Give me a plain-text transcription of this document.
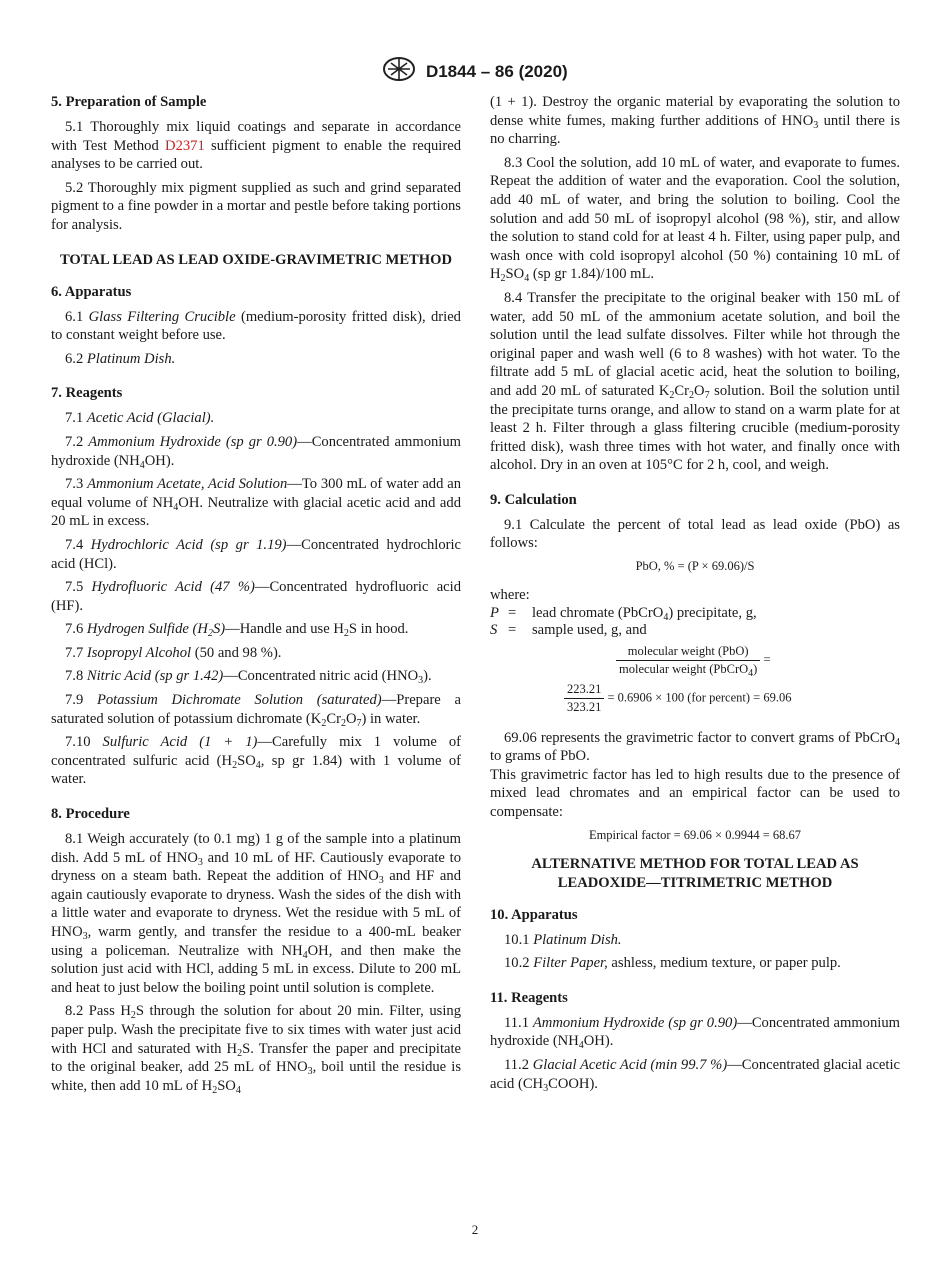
D1844 – 86 (2020)
5. Preparation of Sample

5.1 Thoroughly mix liquid coatings and separate in accordance with Test Method D2371 sufficient pigment to enable the required analyses to be carried out.

5.2 Thoroughly mix pigment supplied as such and grind separated pigment to a fine powder in a mortar and pestle before taking portions for analysis.

TOTAL LEAD AS LEAD OXIDE-GRAVIMETRIC METHOD
6. Apparatus

6.1 Glass Filtering Crucible (medium-porosity fritted disk), dried to constant weight before use.

6.2 Platinum Dish.

7. Reagents

7.1 Acetic Acid (Glacial).

7.2 Ammonium Hydroxide (sp gr 0.90)—Concentrated ammonium hydroxide $(NH_4OH)$.

7.3 Ammonium Acetate, Acid Solution—To 300 mL of water add an equal volume of $NH_4OH$. Neutralize with glacial acetic acid and add 20 mL in excess.

7.4 Hydrochloric Acid (sp gr 1.19)—Concentrated hydrochloric acid (HCl).

7.5 Hydrofluoric Acid (47 %)—Concentrated hydrofluoric acid (HF).

7.6 Hydrogen Sulfide $(H_2S)—Handle$ and use $H_2S$ in hood.

7.7 Isopropyl Alcohol (50 and 98 %).

7.8 Nitric Acid (sp gr 1.42)—Concentrated nitric acid $(HNO_3)$.

7.9 Potassium Dichromate Solution (saturated)—Prepare a saturated solution of potassium dichromate $(K_2Cr_2O_7)$ in water.

7.10 Sulfuric Acid (1 + 1)—Carefully mix 1 volume of concentrated sulfuric acid ($H_2SO_4$, sp gr 1.84) with 1 volume of water.

8. Procedure

8.1 Weigh accurately (to 0.1 mg) 1 g of the sample into a platinum dish. Add 5 mL of $HNO_3$ and 10 mL of HF. Cautiously evaporate to dryness on a steam bath. Repeat the addition of $HNO_3$ and HF and again cautiously evaporate to dryness. Wash the sides of the dish with a little water and evaporate to dryness. Wet the residue with 5 mL of $HNO_3$, warm gently, and transfer the residue to a 400-mL beaker using a policeman. Neutralize with $NH_4OH$, and then make the solution just acid with HCl, adding 5 mL in excess. Dilute to 200 mL and heat to just below the boiling point until solution is complete.

8.2 Pass $H_2S$ through the solution for about 20 min. Filter, using paper pulp. Wash the precipitate five to six times with water just acid with HCl and saturated with $H_2S$. Transfer the paper and precipitate to the original beaker, add 25 mL of $HNO_3$, boil until the residue is white, then add 10 mL of $H_2SO_4$

(1 + 1). Destroy the organic material by evaporating the solution to dense white fumes, making further additions of $HNO_3$ until there is no charring.

8.3 Cool the solution, add 10 mL of water, and evaporate to fumes. Repeat the addition of water and the evaporation. Cool the solution, add 40 mL of water, and bring the solution to boiling. Cool the solution and add 50 mL of isopropyl alcohol (98 %), stir, and allow the solution to stand cold for at least 4 h. Filter, using paper pulp, and wash once with cold isopropyl alcohol (50 %) containing 10 mL of $H_2SO_4$ (sp gr 1.84)/100 mL.

8.4 Transfer the precipitate to the original beaker with 150 mL of water, add 50 mL of the ammonium acetate solution, and boil the solution until the lead sulfate dissolves. Filter while hot through the original paper and wash well (6 to 8 washes) with hot water. To the filtrate add 5 mL of glacial acetic acid, heat the solution to boiling, and add 20 mL of saturated $K_2Cr_2O_7$ solution. Boil the solution until the precipitate turns orange, and allow to stand on a warm plate for at least 2 h. Filter through a glass filtering crucible (medium-porosity fritted disk), wash three times with hot water, and finally once with alcohol. Dry in an oven at 105°C for 2 h, cool, and weigh.

9. Calculation

9.1 Calculate the percent of total lead as lead oxide (PbO) as follows:

PbO, % = (P × 69.06)/S

where:

P =	lead chromate (PbCrO$_4$) precipitate, g,
S =	sample used, g, and
$\frac{\text{molecular weight (PbO)}}{molecular weight (PbCrO_4)}$ =
$\frac{223.21}{323.21} = 0.6906 \times 100$ (for percent) = 69.06

69.06 represents the gravimetric factor to convert grams of PbCrO$_4$ to grams of PbO.

This gravimetric factor has led to high results due to the presence of mixed lead chromates and an empirical factor can be used to compensate:

Empirical factor = 69.06 × 0.9944 = 68.67
ALTERNATIVE METHOD FOR TOTAL LEAD AS LEADOXIDE—TITRIMETRIC METHOD
10. Apparatus

10.1 Platinum Dish.

10.2 Filter Paper, ashless, medium texture, or paper pulp.

11. Reagents

11.1 Ammonium Hydroxide (sp gr 0.90)—Concentrated ammonium hydroxide $(NH_4OH)$.

11.2 Glacial Acetic Acid (min 99.7 %)—Concentrated glacial acetic acid $(CH_3COOH)$.

2
